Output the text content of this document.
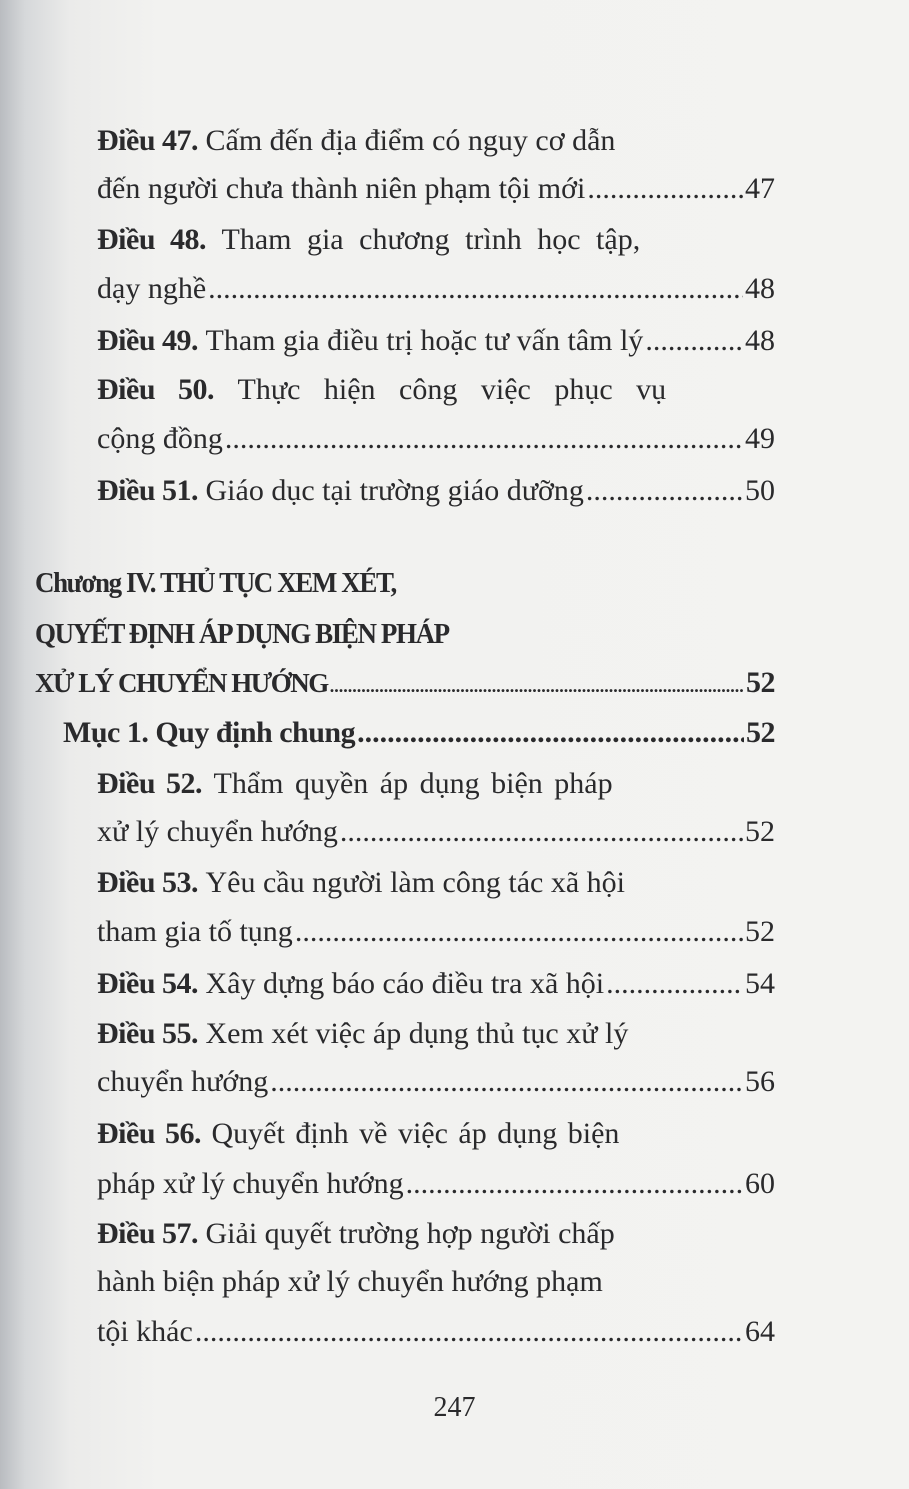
Điều 47. Cấm đến địa điểm có nguy cơ dẫn
đến người chưa thành niên phạm tội mới .....	47
Điều 48.
Tham gia chương trình học tập,
dạy nghề .....	48
Điều 49.
Tham gia điều trị hoặc tư vấn tâm lý .....	48
Điều 50.
Thực hiện công việc phục vụ
cộng đồng .....	49
Điều 51.
Giáo dục tại trường giáo dưỡng .....	50
Chương IV. THỦ TỤC XEM XÉT,
QUYẾT ĐỊNH ÁP DỤNG BIỆN PHÁP
XỬ LÝ CHUYỂN HƯỚNG .....	52
Mục 1.
Quy định chung .....	52
Điều 52.
Thẩm quyền áp dụng biện pháp
xử lý chuyển hướng .....	52
Điều 53.
Yêu cầu người làm công tác xã hội
tham gia tố tụng .....	52
Điều 54.
Xây dựng báo cáo điều tra xã hội .....	54
Điều 55.
Xem xét việc áp dụng thủ tục xử lý
chuyển hướng .....	56
Điều 56.
Quyết định về việc áp dụng biện
pháp xử lý chuyển hướng .....	60
Điều 57.
Giải quyết trường hợp người chấp
hành biện pháp xử lý chuyển hướng phạm
tội khác .....	64
247
